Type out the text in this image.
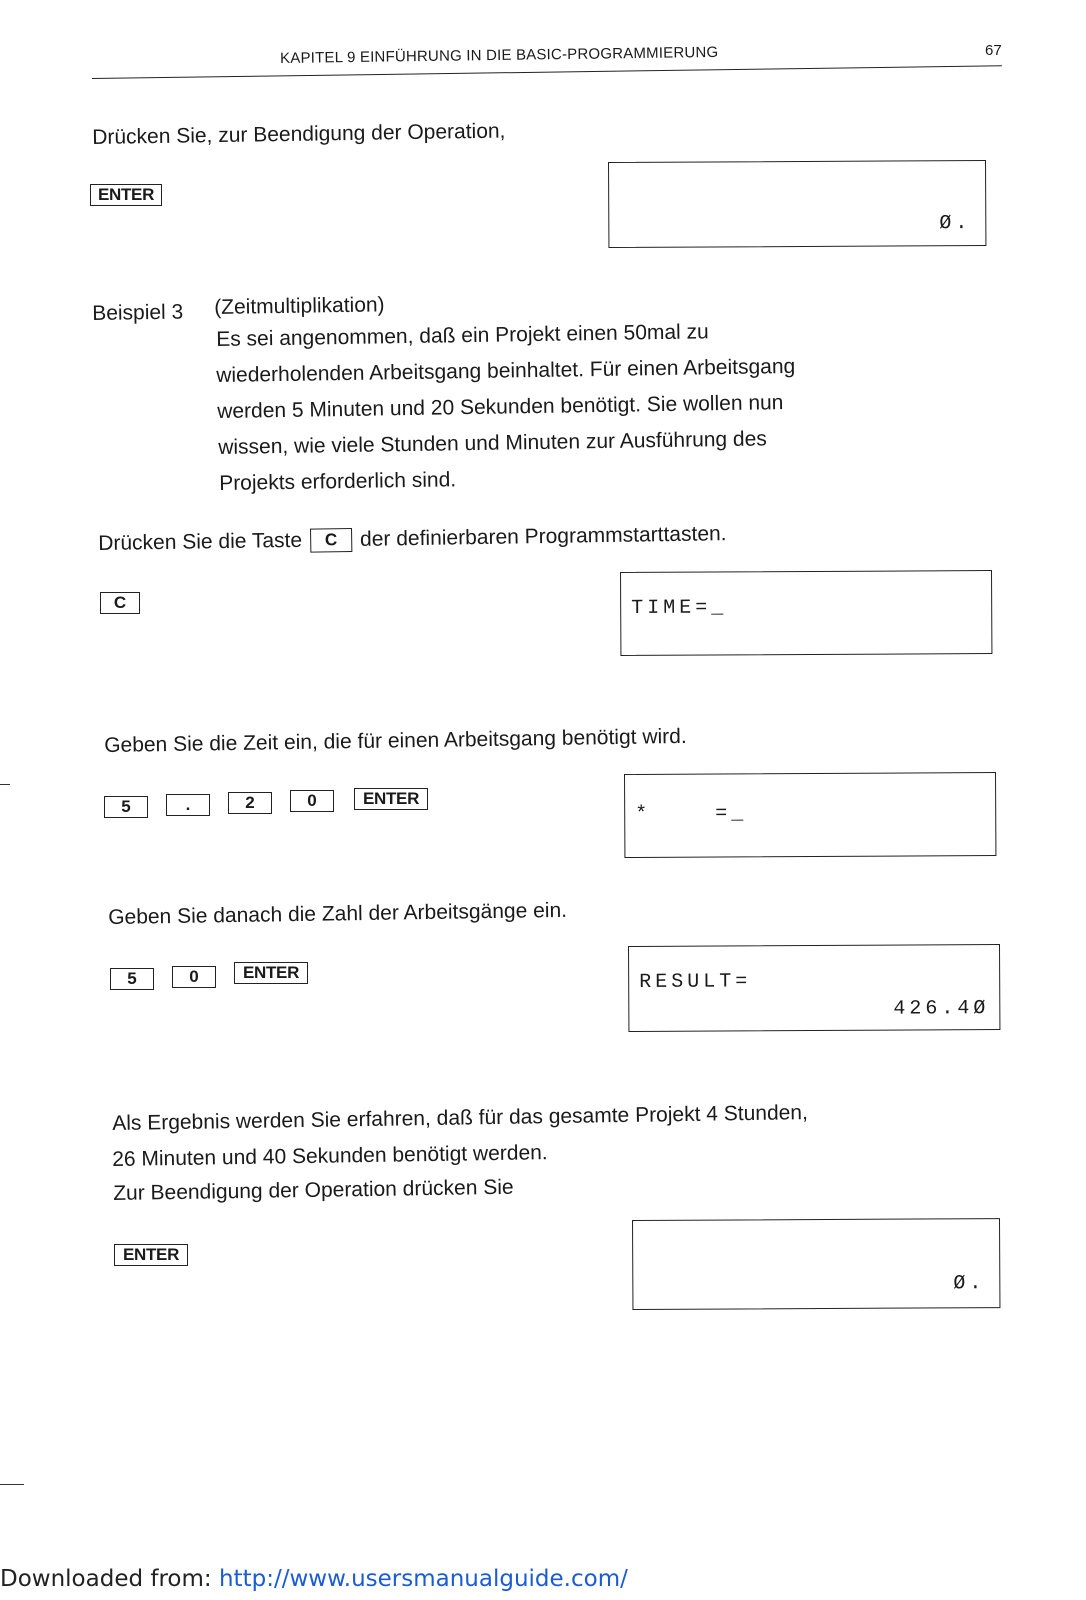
KAPITEL 9 EINFÜHRUNG IN DIE BASIC-PROGRAMMIERUNG	67
Drücken Sie, zur Beendigung der Operation,
ENTER
Ø.
Beispiel 3 (Zeitmultiplikation)
Es sei angenommen, daß ein Projekt einen 50mal zu
wiederholenden Arbeitsgang beinhaltet. Für einen Arbeitsgang
werden 5 Minuten und 20 Sekunden benötigt. Sie wollen nun
wissen, wie viele Stunden und Minuten zur Ausführung des
Projekts erforderlich sind.
Drücken Sie die Taste C der definierbaren Programmstarttasten.
C	TIME=_
Geben Sie die Zeit ein, die für einen Arbeitsgang benötigt wird.
5	.	2	0	ENTER
*    =_
Geben Sie danach die Zahl der Arbeitsgänge ein.
5	0	ENTER	RESULT=
426.4Ø
Als Ergebnis werden Sie erfahren, daß für das gesamte Projekt 4 Stunden,
26 Minuten und 40 Sekunden benötigt werden.
Zur Beendigung der Operation drücken Sie
ENTER
Ø.
Downloaded from: http://www.usersmanualguide.com/
